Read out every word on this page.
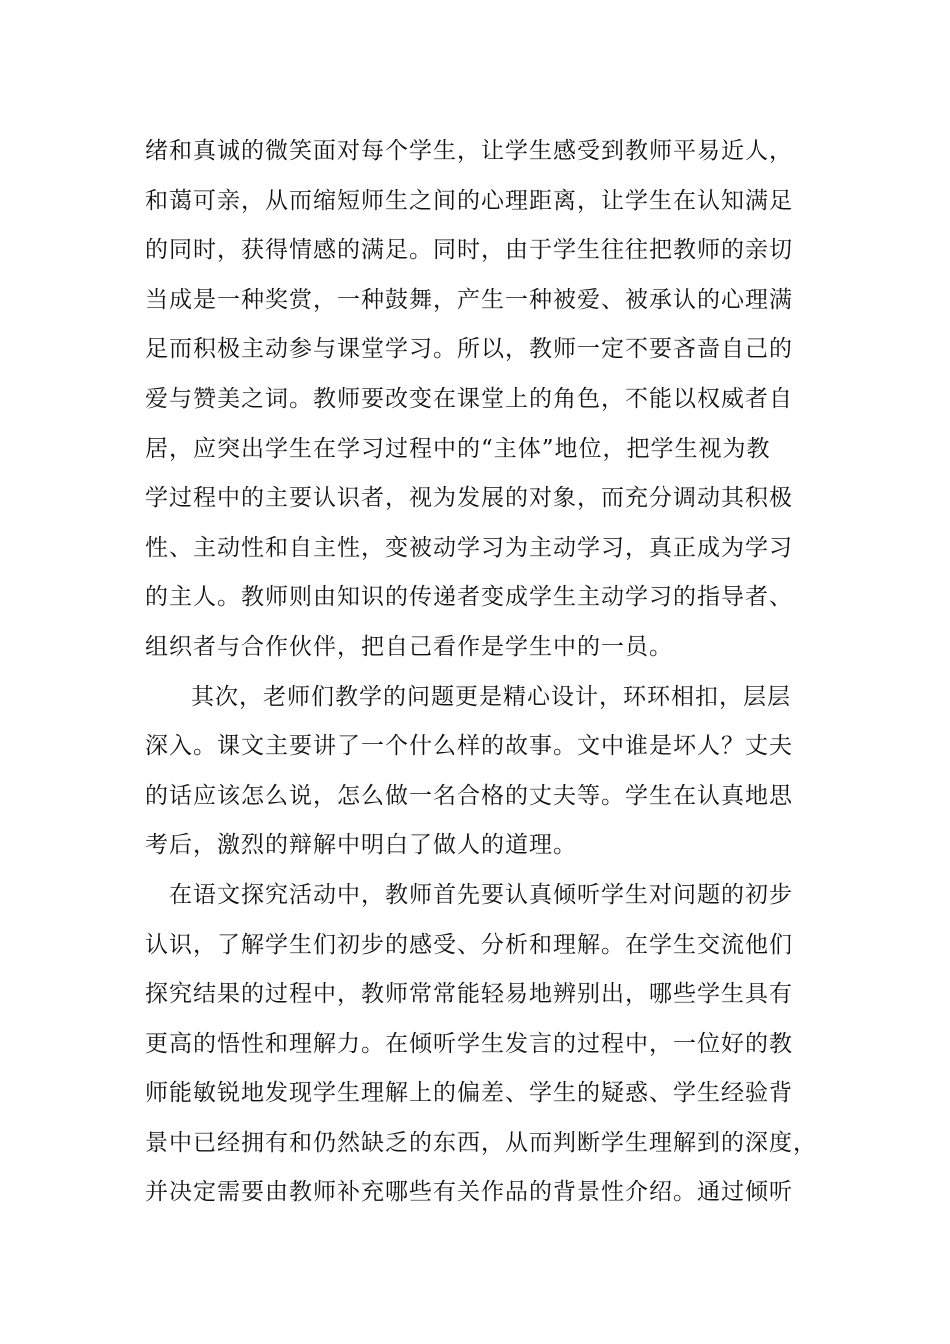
绪和真诚的微笑面对每个学生，让学生感受到教师平易近人，
和蔼可亲，从而缩短师生之间的心理距离，让学生在认知满足
的同时，获得情感的满足。同时，由于学生往往把教师的亲切
当成是一种奖赏，一种鼓舞，产生一种被爱、被承认的心理满
足而积极主动参与课堂学习。所以，教师一定不要吝啬自己的
爱与赞美之词。教师要改变在课堂上的角色，不能以权威者自
居，应突出学生在学习过程中的“主体”地位，把学生视为教
学过程中的主要认识者，视为发展的对象，而充分调动其积极
性、主动性和自主性，变被动学习为主动学习，真正成为学习
的主人。教师则由知识的传递者变成学生主动学习的指导者、
组织者与合作伙伴，把自己看作是学生中的一员。
其次，老师们教学的问题更是精心设计，环环相扣，层层
深入。课文主要讲了一个什么样的故事。文中谁是坏人？丈夫
的话应该怎么说，怎么做一名合格的丈夫等。学生在认真地思
考后，激烈的辩解中明白了做人的道理。
在语文探究活动中，教师首先要认真倾听学生对问题的初步
认识，了解学生们初步的感受、分析和理解。在学生交流他们
探究结果的过程中，教师常常能轻易地辨别出，哪些学生具有
更高的悟性和理解力。在倾听学生发言的过程中，一位好的教
师能敏锐地发现学生理解上的偏差、学生的疑惑、学生经验背
景中已经拥有和仍然缺乏的东西，从而判断学生理解到的深度，
并决定需要由教师补充哪些有关作品的背景性介绍。通过倾听
